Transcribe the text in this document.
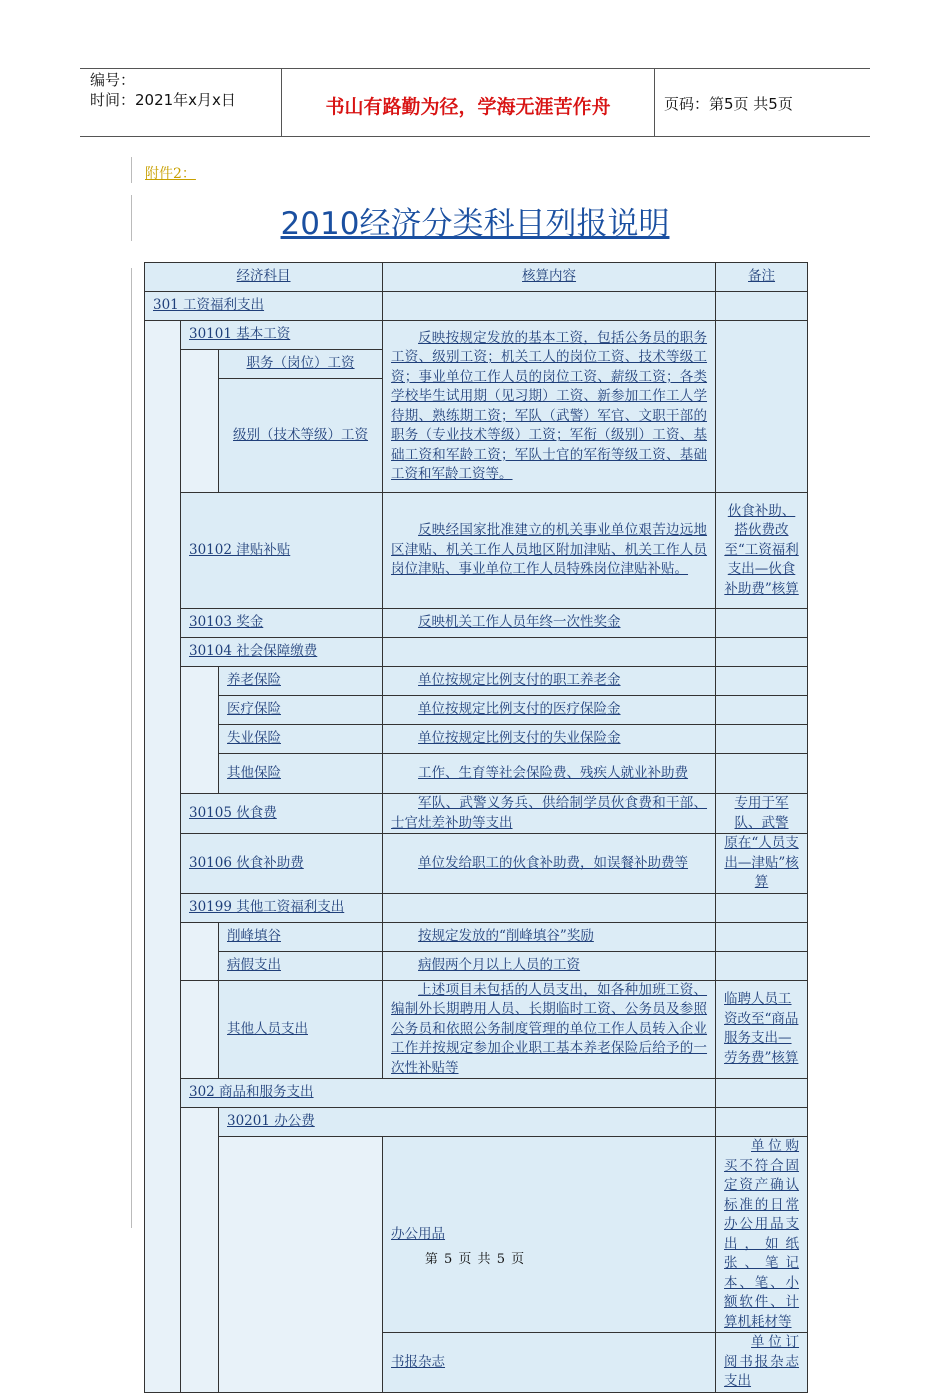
编号：
时间：2021年x月x日	书山有路勤为径，学海无涯苦作舟	页码：第5页 共5页
附件2：
2010经济分类科目列报说明
经济科目			核算内容	备注	
301 工资福利支出					
	30101 基本工资		反映按规定发放的基本工资，包括公务员的职务工资、级别工资；机关工人的岗位工资、技术等级工资；事业单位工作人员的岗位工资、薪级工资；各类学校毕生试用期（见习期）工资、新参加工作工人学待期、熟练期工资；军队（武警）军官、文职干部的职务（专业技术等级）工资；军衔（级别）工资、基础工资和军龄工资；军队士官的军衔等级工资、基础工资和军龄工资等。		
		职务（岗位）工资			
		级别（技术等级）工资			
	30102 津贴补贴		反映经国家批准建立的机关事业单位艰苦边远地区津贴、机关工作人员地区附加津贴、机关工作人员岗位津贴、事业单位工作人员特殊岗位津贴补贴。	伙食补助、搭伙费改至“工资福利支出—伙食补助费”核算	
	30103 奖金		反映机关工作人员年终一次性奖金		
	30104 社会保障缴费				
		养老保险	单位按规定比例支付的职工养老金		
		医疗保险	单位按规定比例支付的医疗保险金		
		失业保险	单位按规定比例支付的失业保险金		
		其他保险	工作、生育等社会保险费、残疾人就业补助费		
	30105 伙食费		军队、武警义务兵、供给制学员伙食费和干部、士官灶差补助等支出	专用于军队、武警	
	30106 伙食补助费		单位发给职工的伙食补助费，如误餐补助费等	原在“人员支出—津贴”核算	
	30199 其他工资福利支出				
		削峰填谷	按规定发放的“削峰填谷”奖励		
		病假支出	病假两个月以上人员的工资		
		其他人员支出	上述项目未包括的人员支出，如各种加班工资、编制外长期聘用人员、长期临时工资、公务员及参照公务员和依照公务制度管理的单位工作人员转入企业工作并按规定参加企业职工基本养老保险后给予的一次性补贴等	临聘人员工资改至“商品服务支出—劳务费”核算	
	302 商品和服务支出				
		30201 办公费			
			办公用品	单位购买不符合固定资产确认标准的日常办公用品支出，如纸张、笔记本、笔、小额软件、计算机耗材等	
			书报杂志	单位订阅书报杂志支出	
第 5 页 共 5 页
